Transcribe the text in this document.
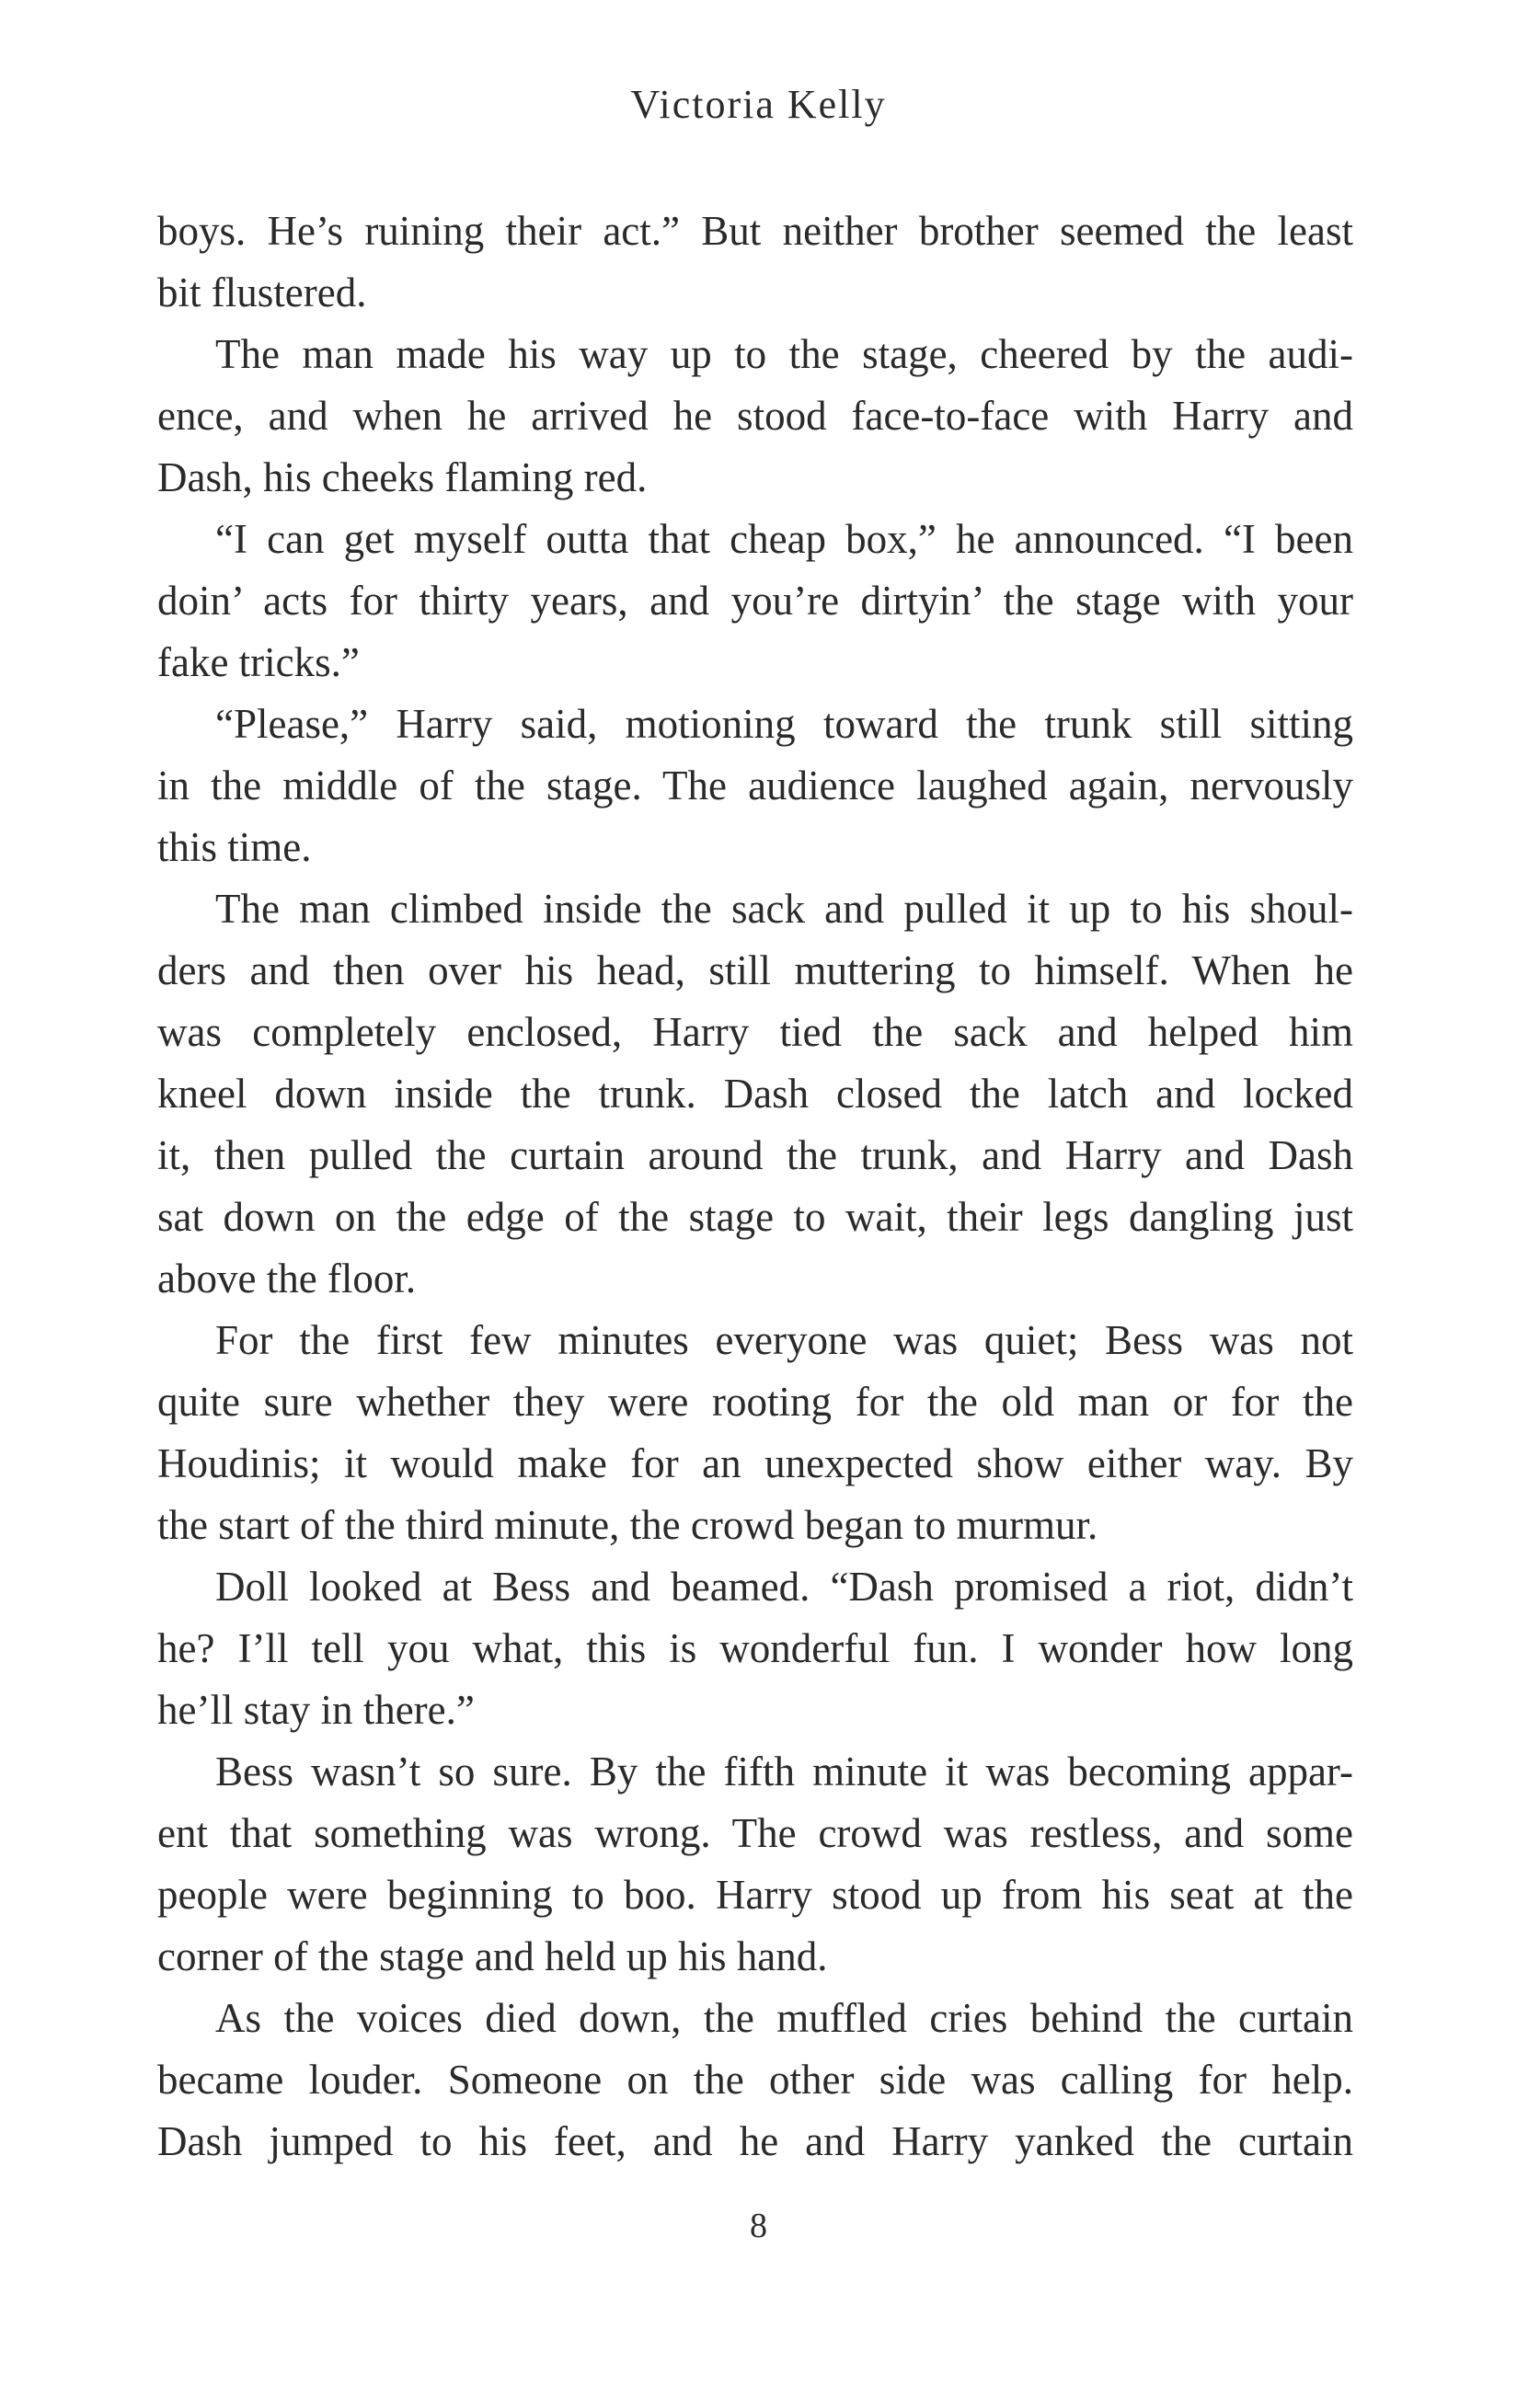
Victoria Kelly
boys. He’s ruining their act.” But neither brother seemed the least
bit flustered.
The man made his way up to the stage, cheered by the audi-
ence, and when he arrived he stood face-to-face with Harry and
Dash, his cheeks flaming red.
“I can get myself outta that cheap box,” he announced. “I been
doin’ acts for thirty years, and you’re dirtyin’ the stage with your
fake tricks.”
“Please,” Harry said, motioning toward the trunk still sitting
in the middle of the stage. The audience laughed again, nervously
this time.
The man climbed inside the sack and pulled it up to his shoul-
ders and then over his head, still muttering to himself. When he
was completely enclosed, Harry tied the sack and helped him
kneel down inside the trunk. Dash closed the latch and locked
it, then pulled the curtain around the trunk, and Harry and Dash
sat down on the edge of the stage to wait, their legs dangling just
above the floor.
For the first few minutes everyone was quiet; Bess was not
quite sure whether they were rooting for the old man or for the
Houdinis; it would make for an unexpected show either way. By
the start of the third minute, the crowd began to murmur.
Doll looked at Bess and beamed. “Dash promised a riot, didn’t
he? I’ll tell you what, this is wonderful fun. I wonder how long
he’ll stay in there.”
Bess wasn’t so sure. By the fifth minute it was becoming appar-
ent that something was wrong. The crowd was restless, and some
people were beginning to boo. Harry stood up from his seat at the
corner of the stage and held up his hand.
As the voices died down, the muffled cries behind the curtain
became louder. Someone on the other side was calling for help.
Dash jumped to his feet, and he and Harry yanked the curtain
8
